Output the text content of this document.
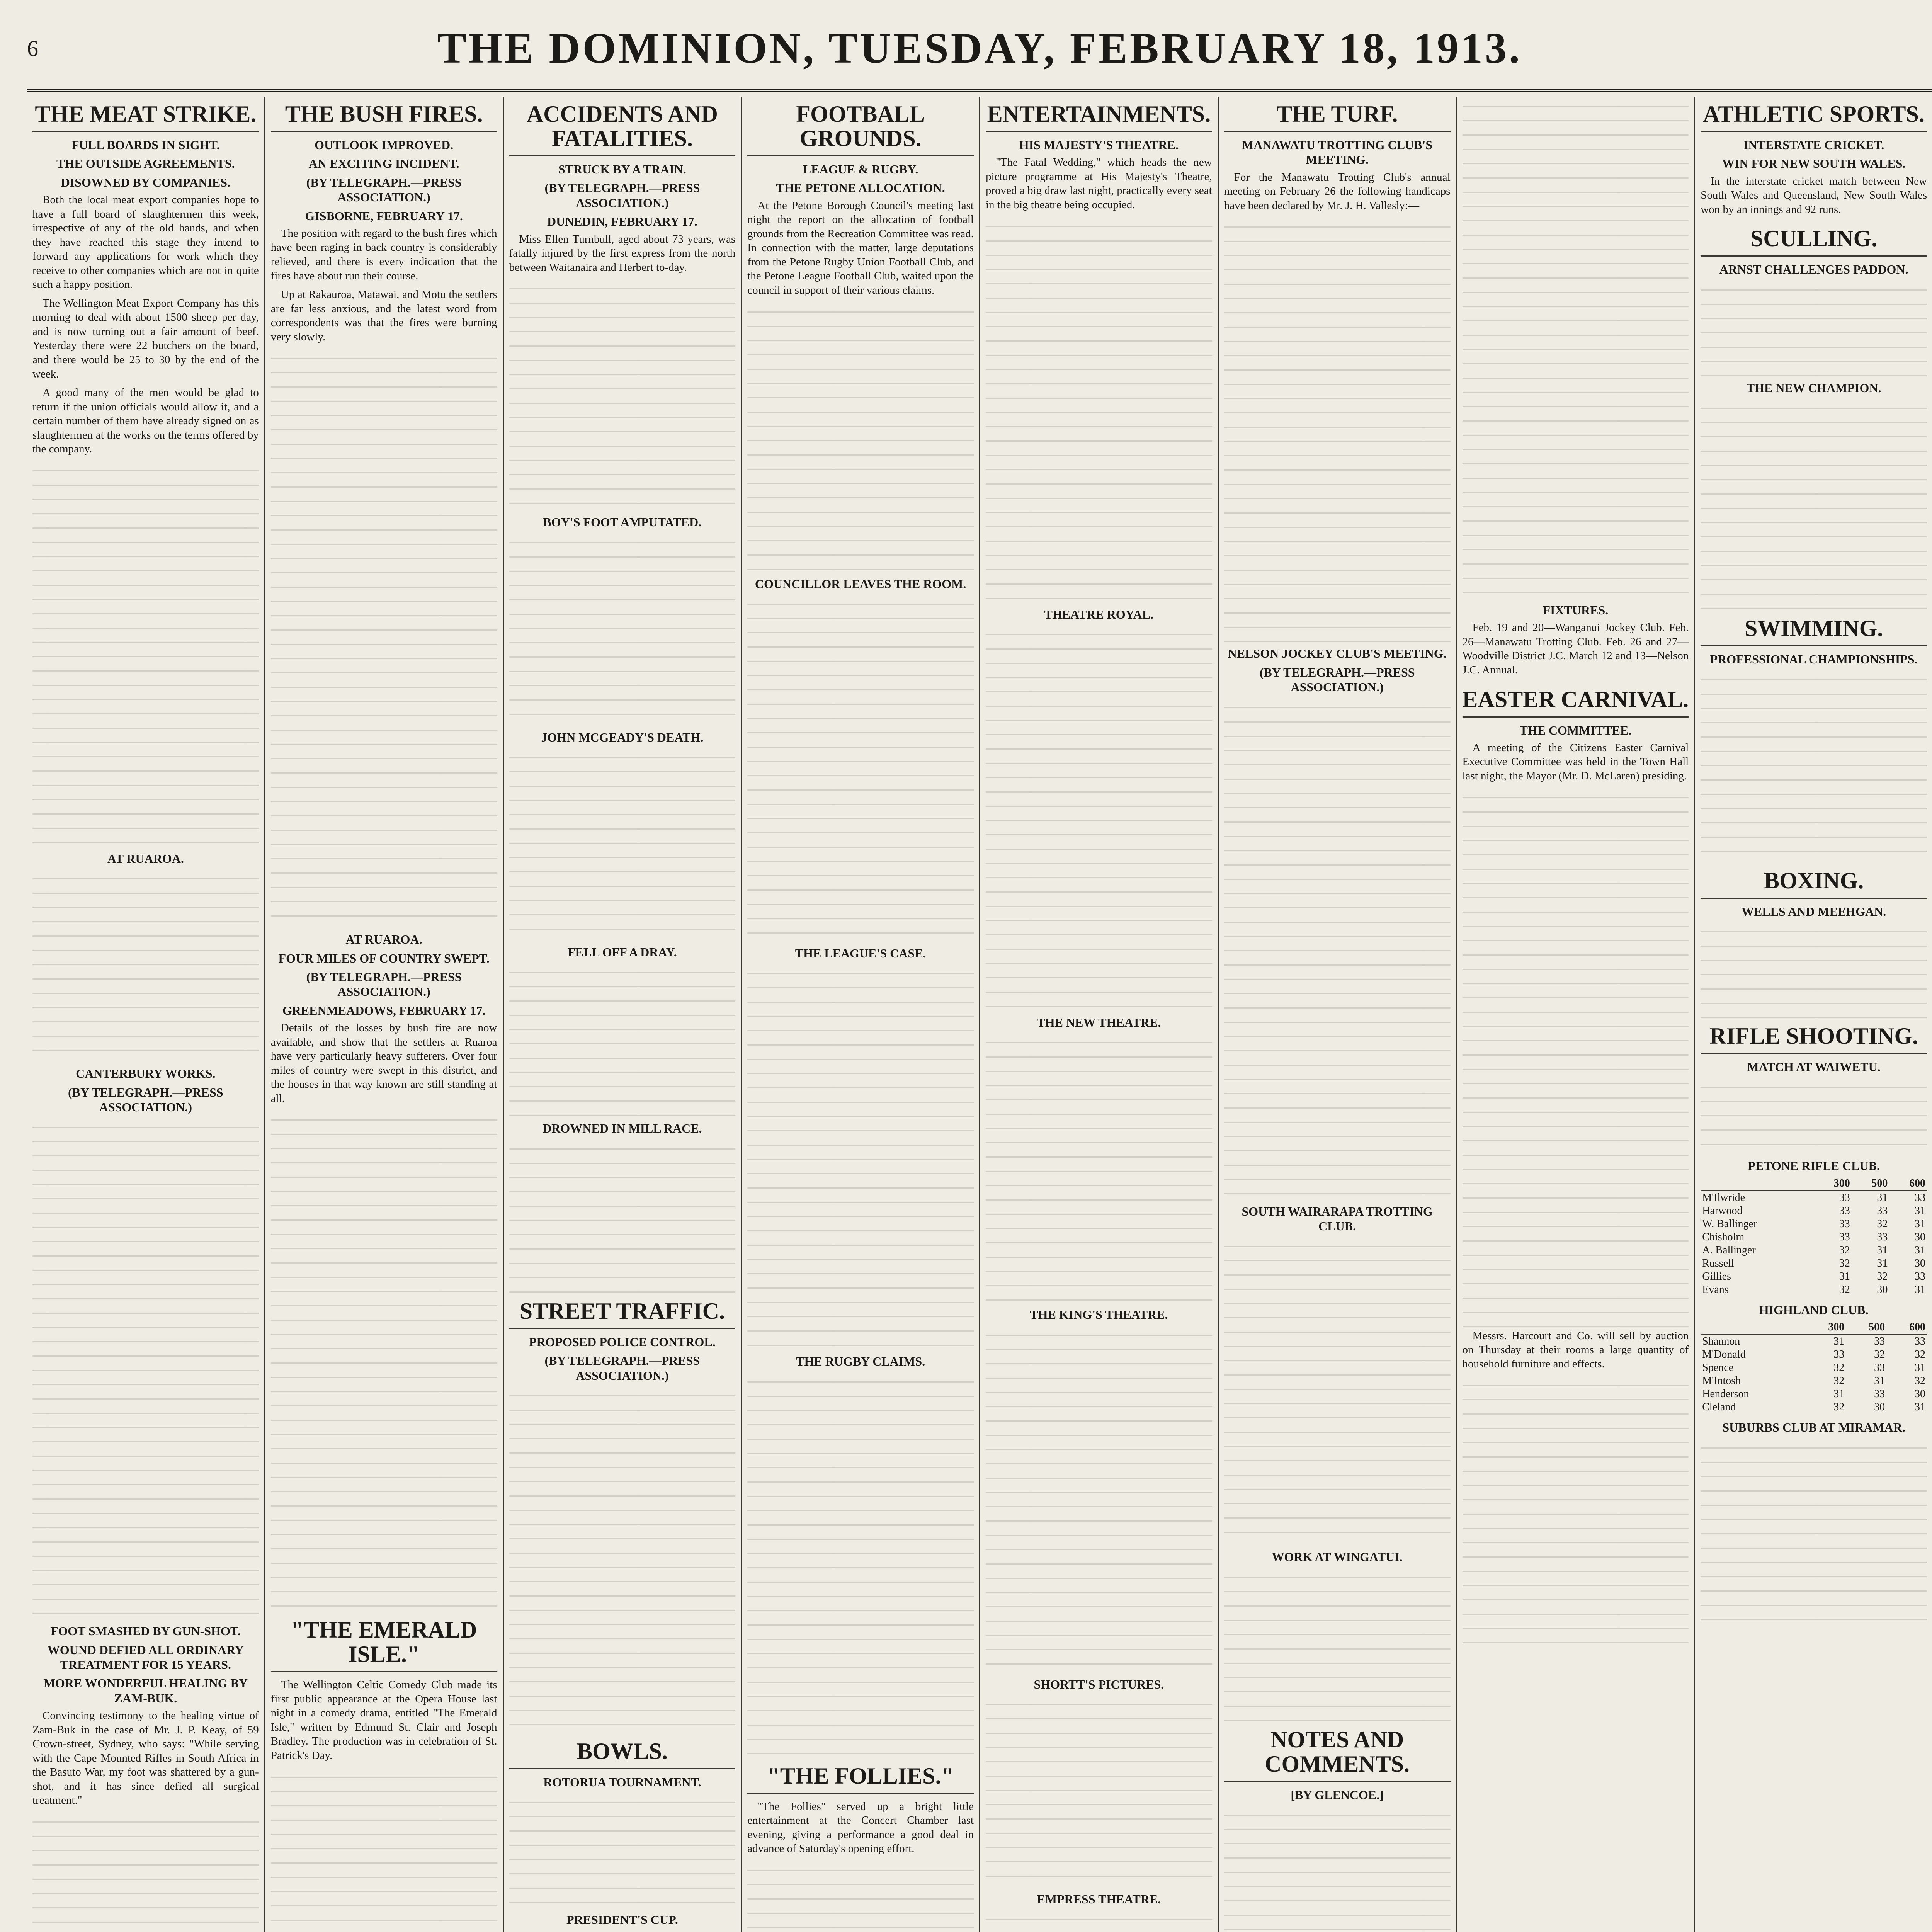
6	THE DOMINION, TUESDAY, FEBRUARY 18, 1913.
THE MEAT STRIKE.
FULL BOARDS IN SIGHT.
THE OUTSIDE AGREEMENTS.
DISOWNED BY COMPANIES.

Both the local meat export companies hope to have a full board of slaughtermen this week, irrespective of any of the old hands, and when they have reached this stage they intend to forward any applications for work which they receive to other companies which are not in quite such a happy position.

The Wellington Meat Export Company has this morning to deal with about 1500 sheep per day, and is now turning out a fair amount of beef. Yesterday there were 22 butchers on the board, and there would be 25 to 30 by the end of the week.

A good many of the men would be glad to return if the union officials would allow it, and a certain number of them have already signed on as slaughtermen at the works on the terms offered by the company.

AT RUAROA.
CANTERBURY WORKS.
(BY TELEGRAPH.—PRESS ASSOCIATION.)
FOOT SMASHED BY GUN-SHOT.
WOUND DEFIED ALL ORDINARY TREATMENT FOR 15 YEARS.
MORE WONDERFUL HEALING BY ZAM-BUK.

Convincing testimony to the healing virtue of Zam-Buk in the case of Mr. J. P. Keay, of 59 Crown-street, Sydney, who says: "While serving with the Cape Mounted Rifles in South Africa in the Basuto War, my foot was shattered by a gun-shot, and it has since defied all surgical treatment."

THE BUSH FIRES.
OUTLOOK IMPROVED.
AN EXCITING INCIDENT.
(BY TELEGRAPH.—PRESS ASSOCIATION.)
GISBORNE, FEBRUARY 17.

The position with regard to the bush fires which have been raging in back country is considerably relieved, and there is every indication that the fires have about run their course.

Up at Rakauroa, Matawai, and Motu the settlers are far less anxious, and the latest word from correspondents was that the fires were burning very slowly.

AT RUAROA.
FOUR MILES OF COUNTRY SWEPT.
(BY TELEGRAPH.—PRESS ASSOCIATION.)
GREENMEADOWS, FEBRUARY 17.

Details of the losses by bush fire are now available, and show that the settlers at Ruaroa have very particularly heavy sufferers. Over four miles of country were swept in this district, and the houses in that way known are still standing at all.

"THE EMERALD ISLE."

The Wellington Celtic Comedy Club made its first public appearance at the Opera House last night in a comedy drama, entitled "The Emerald Isle," written by Edmund St. Clair and Joseph Bradley. The production was in celebration of St. Patrick's Day.

ACCIDENTS AND FATALITIES.
STRUCK BY A TRAIN.
(BY TELEGRAPH.—PRESS ASSOCIATION.)
DUNEDIN, FEBRUARY 17.

Miss Ellen Turnbull, aged about 73 years, was fatally injured by the first express from the north between Waitanaira and Herbert to-day.

BOY'S FOOT AMPUTATED.
JOHN MCGEADY'S DEATH.
FELL OFF A DRAY.
DROWNED IN MILL RACE.
STREET TRAFFIC.
PROPOSED POLICE CONTROL.
(BY TELEGRAPH.—PRESS ASSOCIATION.)
BOWLS.
ROTORUA TOURNAMENT.
PRESIDENT'S CUP.

FOOTBALL GROUNDS.
LEAGUE & RUGBY.
THE PETONE ALLOCATION.

At the Petone Borough Council's meeting last night the report on the allocation of football grounds from the Recreation Committee was read. In connection with the matter, large deputations from the Petone Rugby Union Football Club, and the Petone League Football Club, waited upon the council in support of their various claims.

COUNCILLOR LEAVES THE ROOM.
THE LEAGUE'S CASE.
THE RUGBY CLAIMS.
"THE FOLLIES."

"The Follies" served up a bright little entertainment at the Concert Chamber last evening, giving a performance a good deal in advance of Saturday's opening effort.

ENTERTAINMENTS.
HIS MAJESTY'S THEATRE.

"The Fatal Wedding," which heads the new picture programme at His Majesty's Theatre, proved a big draw last night, practically every seat in the big theatre being occupied.

THEATRE ROYAL.
THE NEW THEATRE.
THE KING'S THEATRE.
SHORTT'S PICTURES.
EMPRESS THEATRE.

THE TURF.
MANAWATU TROTTING CLUB'S MEETING.

For the Manawatu Trotting Club's annual meeting on February 26 the following handicaps have been declared by Mr. J. H. Vallesly:—

NELSON JOCKEY CLUB'S MEETING.
(BY TELEGRAPH.—PRESS ASSOCIATION.)
SOUTH WAIRARAPA TROTTING CLUB.
WORK AT WINGATUI.
NOTES AND COMMENTS.
[BY GLENCOE.]
FIXTURES.

Feb. 19 and 20—Wanganui Jockey Club. Feb. 26—Manawatu Trotting Club. Feb. 26 and 27—Woodville District J.C. March 12 and 13—Nelson J.C. Annual.

EASTER CARNIVAL.
THE COMMITTEE.

A meeting of the Citizens Easter Carnival Executive Committee was held in the Town Hall last night, the Mayor (Mr. D. McLaren) presiding.

Messrs. Harcourt and Co. will sell by auction on Thursday at their rooms a large quantity of household furniture and effects.

ATHLETIC SPORTS.
INTERSTATE CRICKET.
WIN FOR NEW SOUTH WALES.

In the interstate cricket match between New South Wales and Queensland, New South Wales won by an innings and 92 runs.

SCULLING.
ARNST CHALLENGES PADDON.
THE NEW CHAMPION.
SWIMMING.
PROFESSIONAL CHAMPIONSHIPS.
BOXING.
WELLS AND MEEHGAN.
RIFLE SHOOTING.
MATCH AT WAIWETU.
PETONE RIFLE CLUB.
	300	500	600
M'Ilwride	33	31	33
Harwood	33	33	31
W. Ballinger	33	32	31
Chisholm	33	33	30
A. Ballinger	32	31	31
Russell	32	31	30
Gillies	31	32	33
Evans	32	30	31
HIGHLAND CLUB.
	300	500	600
Shannon	31	33	33
M'Donald	33	32	32
Spence	32	33	31
M'Intosh	32	31	32
Henderson	31	33	30
Cleland	32	30	31
SUBURBS CLUB AT MIRAMAR.
